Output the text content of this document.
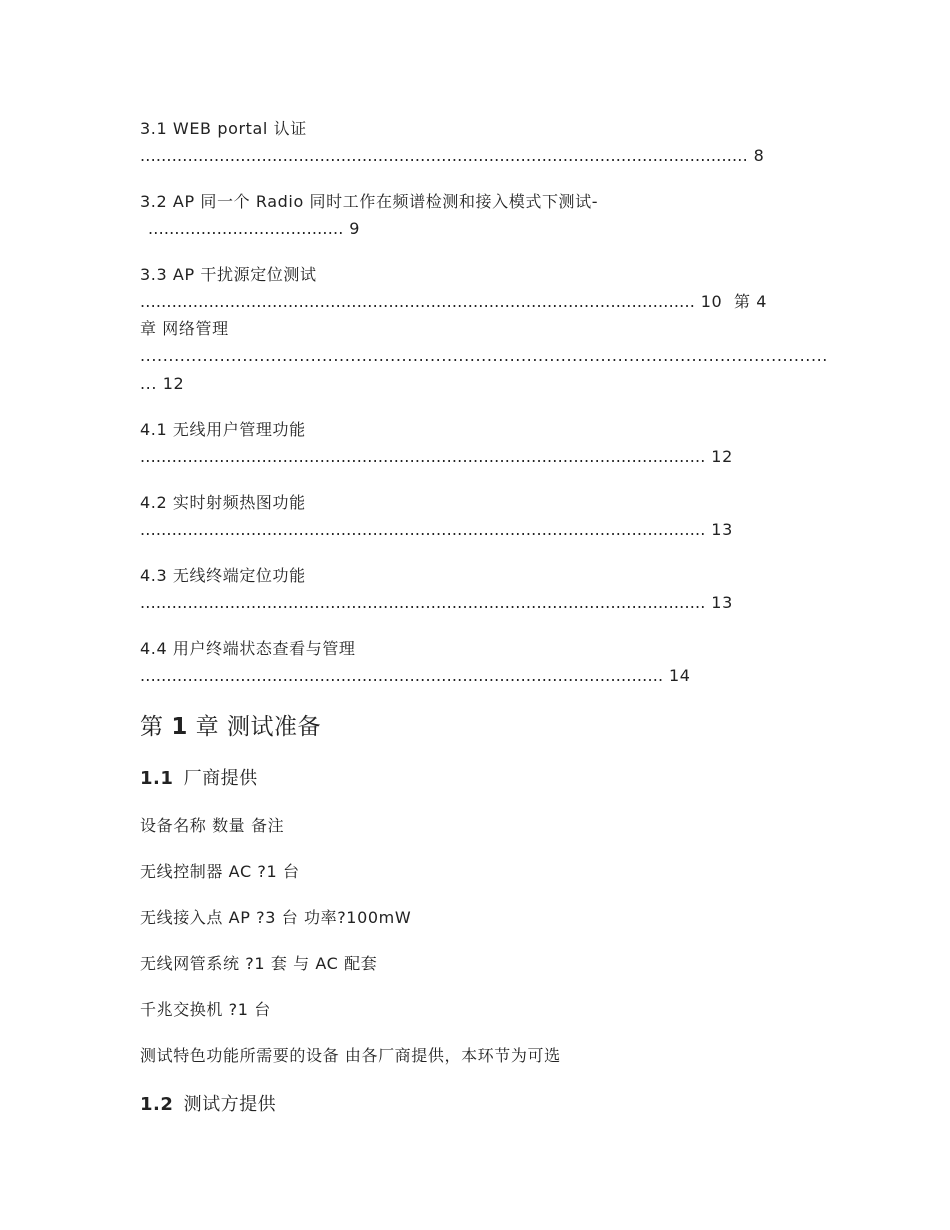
3.1 WEB portal 认证
................................................................................................................... 8
3.2 AP 同一个 Radio 同时工作在频谱检测和接入模式下测试-
..................................... 9
3.3 AP 干扰源定位测试
......................................................................................................... 10 第 4
章 网络管理
.........................................................................................................................
... 12
4.1 无线用户管理功能
........................................................................................................... 12
4.2 实时射频热图功能
........................................................................................................... 13
4.3 无线终端定位功能
........................................................................................................... 13
4.4 用户终端状态查看与管理
................................................................................................... 14
第 1 章 测试准备
1.1 厂商提供
设备名称 数量 备注
无线控制器 AC ?1 台
无线接入点 AP ?3 台 功率?100mW
无线网管系统 ?1 套 与 AC 配套
千兆交换机 ?1 台
测试特色功能所需要的设备 由各厂商提供，本环节为可选
1.2 测试方提供
